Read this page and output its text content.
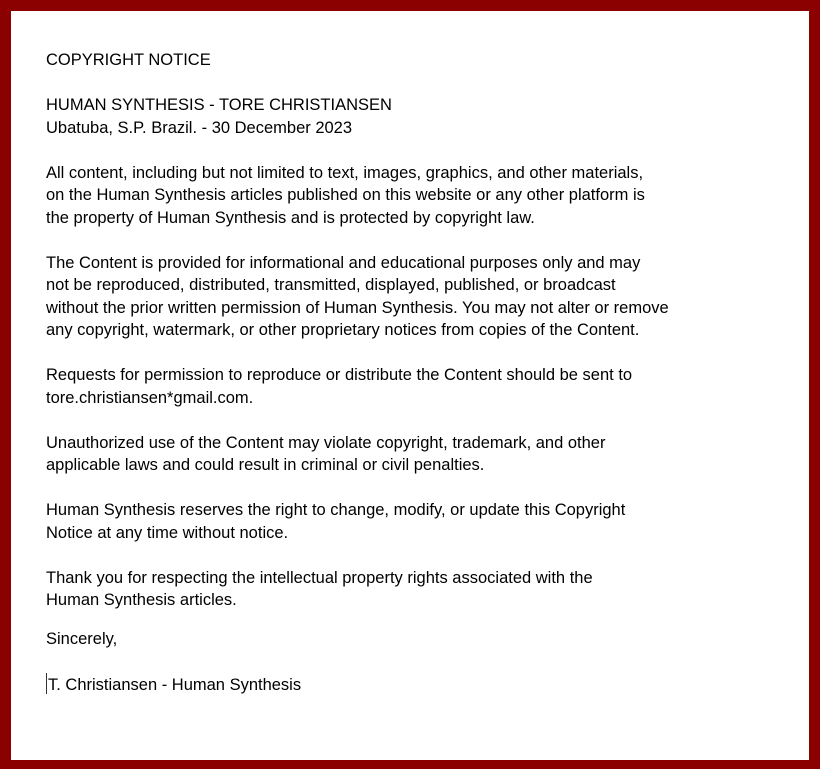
COPYRIGHT NOTICE

HUMAN SYNTHESIS - TORE CHRISTIANSEN
Ubatuba, S.P. Brazil. - 30 December 2023

All content, including but not limited to text, images, graphics, and other materials,
on the Human Synthesis articles published on this website or any other platform is
the property of Human Synthesis and is protected by copyright law.

The Content is provided for informational and educational purposes only and may
not be reproduced, distributed, transmitted, displayed, published, or broadcast
without the prior written permission of Human Synthesis. You may not alter or remove
any copyright, watermark, or other proprietary notices from copies of the Content.

Requests for permission to reproduce or distribute the Content should be sent to
tore.christiansen*gmail.com.

Unauthorized use of the Content may violate copyright, trademark, and other
applicable laws and could result in criminal or civil penalties.

Human Synthesis reserves the right to change, modify, or update this Copyright
Notice at any time without notice.

Thank you for respecting the intellectual property rights associated with the
Human Synthesis articles.

Sincerely,

T. Christiansen - Human Synthesis
